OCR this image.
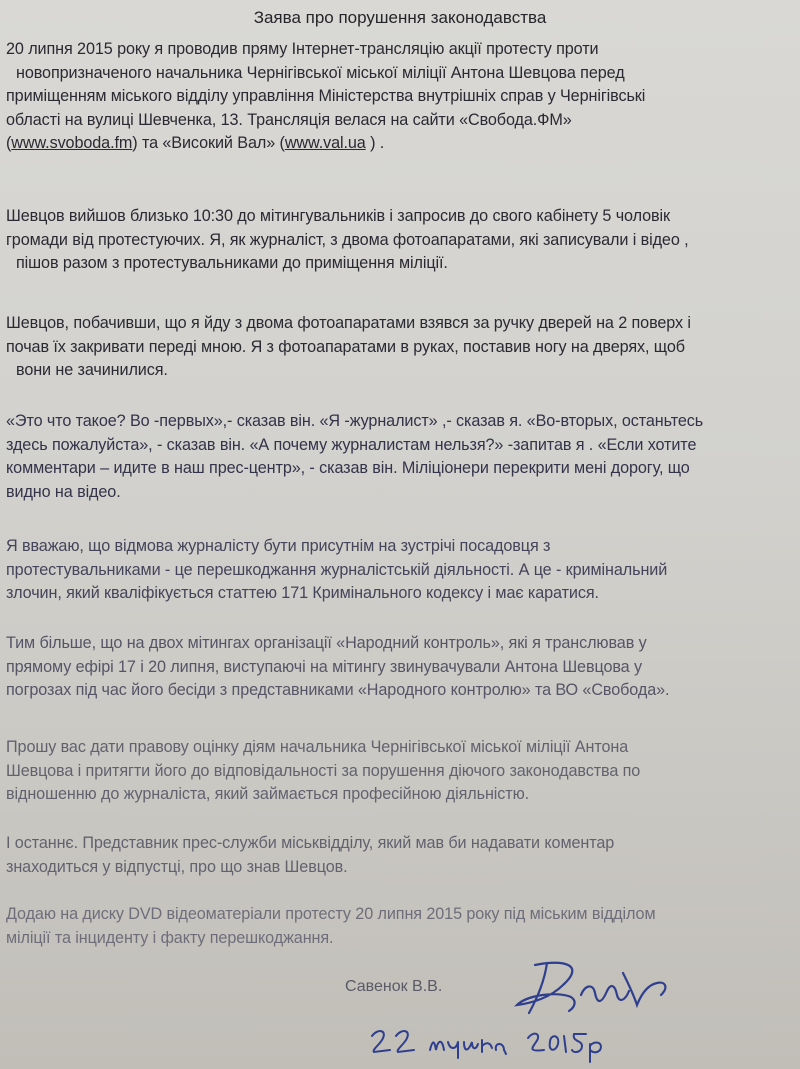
Заява про порушення законодавства
20 липня 2015 року я проводив пряму Інтернет-трансляцію акції протесту проти
новопризначеного начальника Чернігівської міської міліції Антона Шевцова перед
приміщенням міського відділу управління Міністерства внутрішніх справ у Чернігівські
області на вулиці Шевченка, 13. Трансляція велася на сайти «Свобода.ФМ»
(www.svoboda.fm) та «Високий Вал» (www.val.ua ) .
Шевцов вийшов близько 10:30 до мітингувальників і запросив до свого кабінету 5 чоловік
громади від протестуючих. Я, як журналіст, з двома фотоапаратами, які записували і відео ,
пішов разом з протестувальниками до приміщення міліції.
Шевцов, побачивши, що я йду з двома фотоапаратами взявся за ручку дверей на 2 поверх і
почав їх закривати переді мною. Я з фотоапаратами в руках, поставив ногу на дверях, щоб
вони не зачинилися.
«Это что такое? Во -первых»,- сказав він. «Я -журналист» ,- сказав я. «Во-вторых, останьтесь
здесь пожалуйста», - сказав він. «А почему журналистам нельзя?» -запитав я . «Если хотите
комментари – идите в наш прес-центр», - сказав він. Міліціонери перекрити мені дорогу, що
видно на відео.
Я вважаю, що відмова журналісту бути присутнім на зустрічі посадовця з
протестувальниками - це перешкоджання журналістській діяльності. А це - кримінальний
злочин, який кваліфікується статтею 171 Кримінального кодексу і має каратися.
Тим більше, що на двох мітингах організації «Народний контроль», які я транслював у
прямому ефірі 17 і 20 липня, виступаючі на мітингу звинувачували Антона Шевцова у
погрозах під час його бесіди з представниками «Народного контролю» та ВО «Свобода».
Прошу вас дати правову оцінку діям начальника Чернігівської міської міліції Антона
Шевцова і притягти його до відповідальності за порушення діючого законодавства по
відношенню до журналіста, який займається професійною діяльністю.
І останнє. Представник прес-служби міськвідділу, який мав би надавати коментар
знаходиться у відпустці, про що знав Шевцов.
Додаю на диску DVD відеоматеріали протесту 20 липня 2015 року під міським відділом
міліції та інциденту і факту перешкоджання.
Савенок В.В.
